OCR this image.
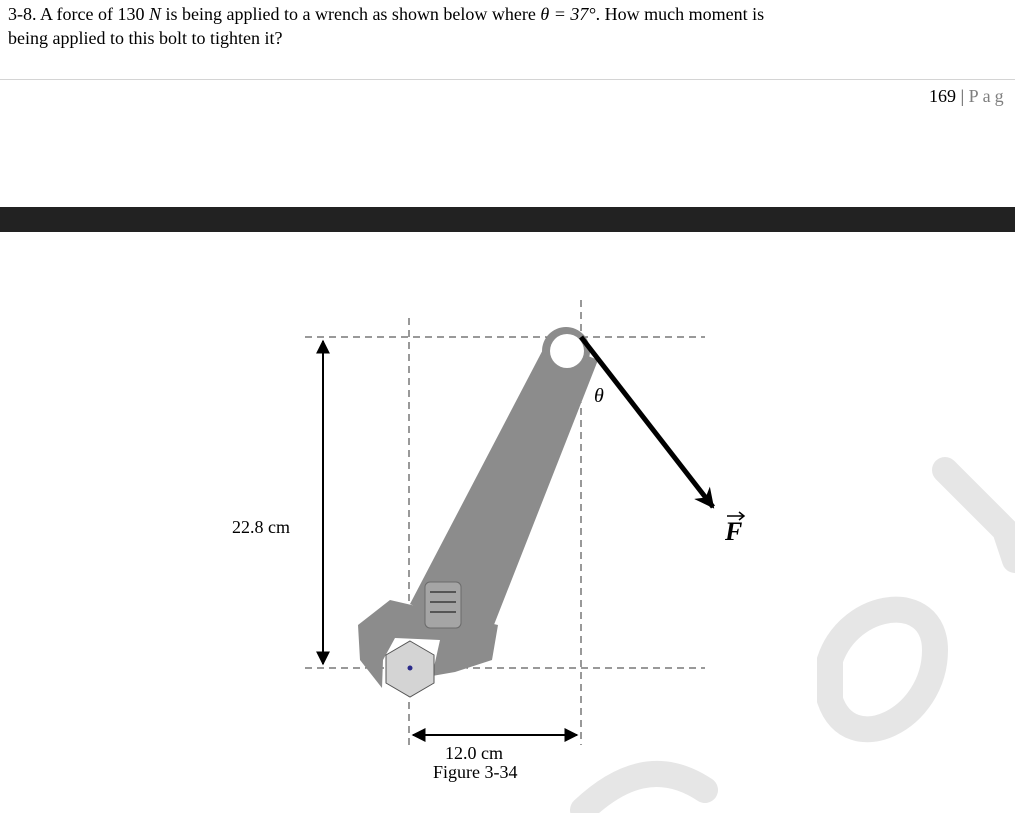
3-8. A force of 130 N is being applied to a wrench as shown below where θ = 37°. How much moment is
being applied to this bolt to tighten it?
169 | Pag
22.8 cm
12.0 cm
Figure 3-34
θ
F
